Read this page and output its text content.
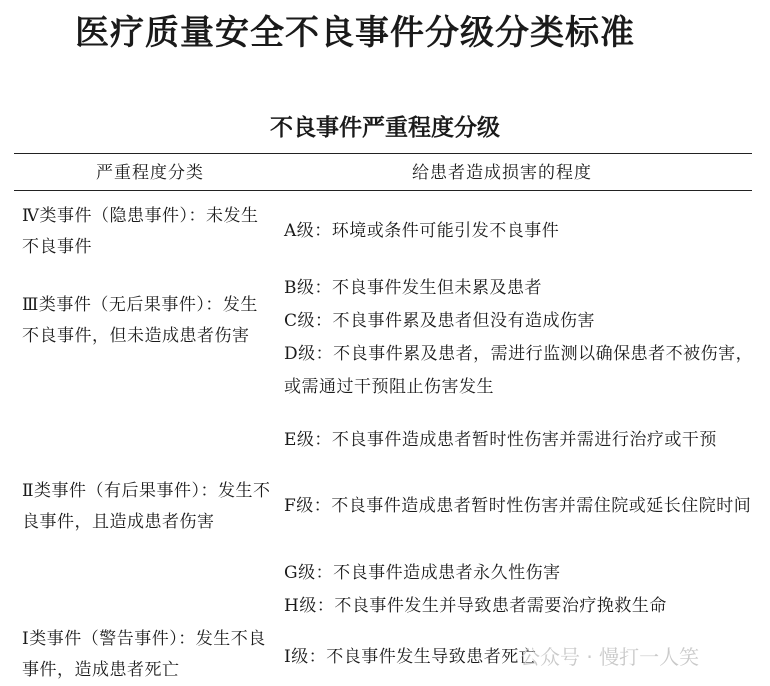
医疗质量安全不良事件分级分类标准
不良事件严重程度分级
严重程度分类	给患者造成损害的程度
Ⅳ类事件（隐患事件）：未发生不良事件
Ⅲ类事件（无后果事件）：发生不良事件，但未造成患者伤害
Ⅱ类事件（有后果事件）：发生不良事件，且造成患者伤害
Ⅰ类事件（警告事件）：发生不良事件，造成患者死亡
A级：环境或条件可能引发不良事件
B级：不良事件发生但未累及患者
C级：不良事件累及患者但没有造成伤害
D级：不良事件累及患者，需进行监测以确保患者不被伤害，或需通过干预阻止伤害发生
E级：不良事件造成患者暂时性伤害并需进行治疗或干预
F级：不良事件造成患者暂时性伤害并需住院或延长住院时间
G级：不良事件造成患者永久性伤害
H级：不良事件发生并导致患者需要治疗挽救生命
I级：不良事件发生导致患者死亡
公众号 · 慢打一人笑
